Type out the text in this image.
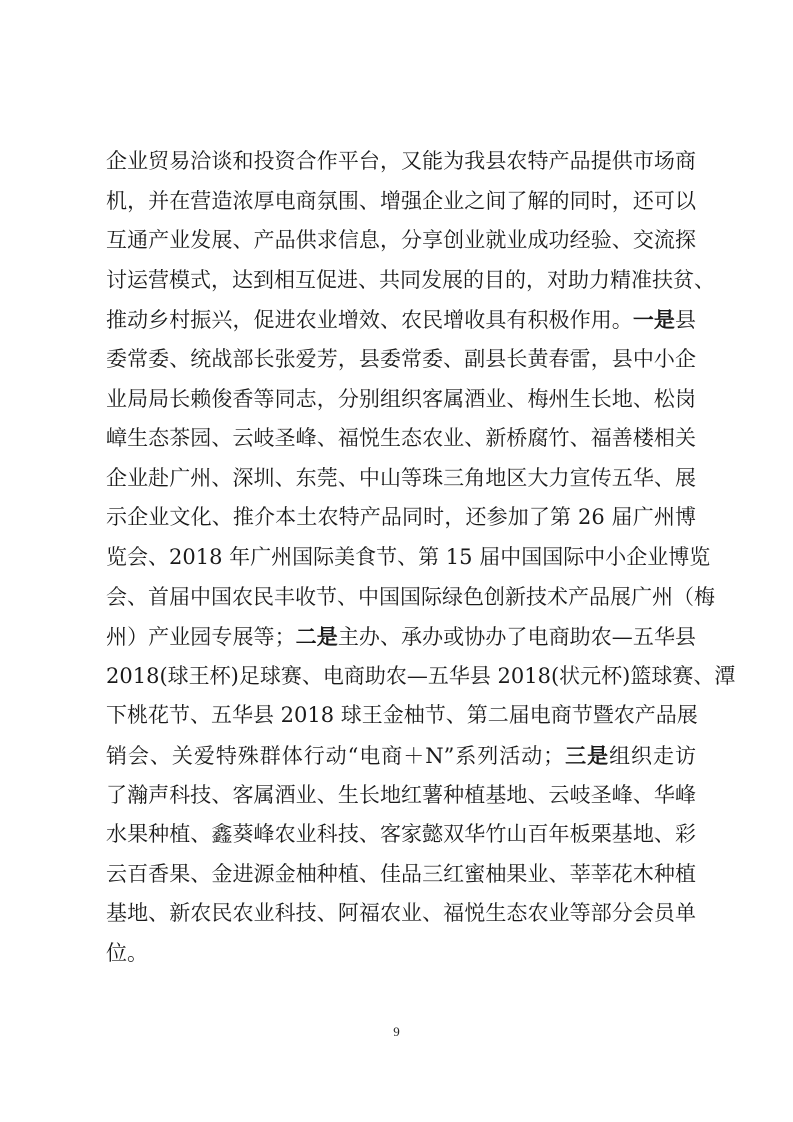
企业贸易洽谈和投资合作平台，又能为我县农特产品提供市场商
机，并在营造浓厚电商氛围、增强企业之间了解的同时，还可以
互通产业发展、产品供求信息，分享创业就业成功经验、交流探
讨运营模式，达到相互促进、共同发展的目的，对助力精准扶贫、
推动乡村振兴，促进农业增效、农民增收具有积极作用。一是县
委常委、统战部长张爱芳，县委常委、副县长黄春雷，县中小企
业局局长赖俊香等同志，分别组织客属酒业、梅州生长地、松岗
嶂生态茶园、云岐圣峰、福悦生态农业、新桥腐竹、福善楼相关
企业赴广州、深圳、东莞、中山等珠三角地区大力宣传五华、展
示企业文化、推介本土农特产品同时，还参加了第 26 届广州博
览会、2018 年广州国际美食节、第 15 届中国国际中小企业博览
会、首届中国农民丰收节、中国国际绿色创新技术产品展广州（梅
州）产业园专展等；二是主办、承办或协办了电商助农—五华县
2018(球王杯)足球赛、电商助农—五华县 2018(状元杯)篮球赛、潭
下桃花节、五华县 2018 球王金柚节、第二届电商节暨农产品展
销会、关爱特殊群体行动“电商＋N”系列活动；三是组织走访
了瀚声科技、客属酒业、生长地红薯种植基地、云岐圣峰、华峰
水果种植、鑫葵峰农业科技、客家懿双华竹山百年板栗基地、彩
云百香果、金进源金柚种植、佳品三红蜜柚果业、莘莘花木种植
基地、新农民农业科技、阿福农业、福悦生态农业等部分会员单
位。
9
